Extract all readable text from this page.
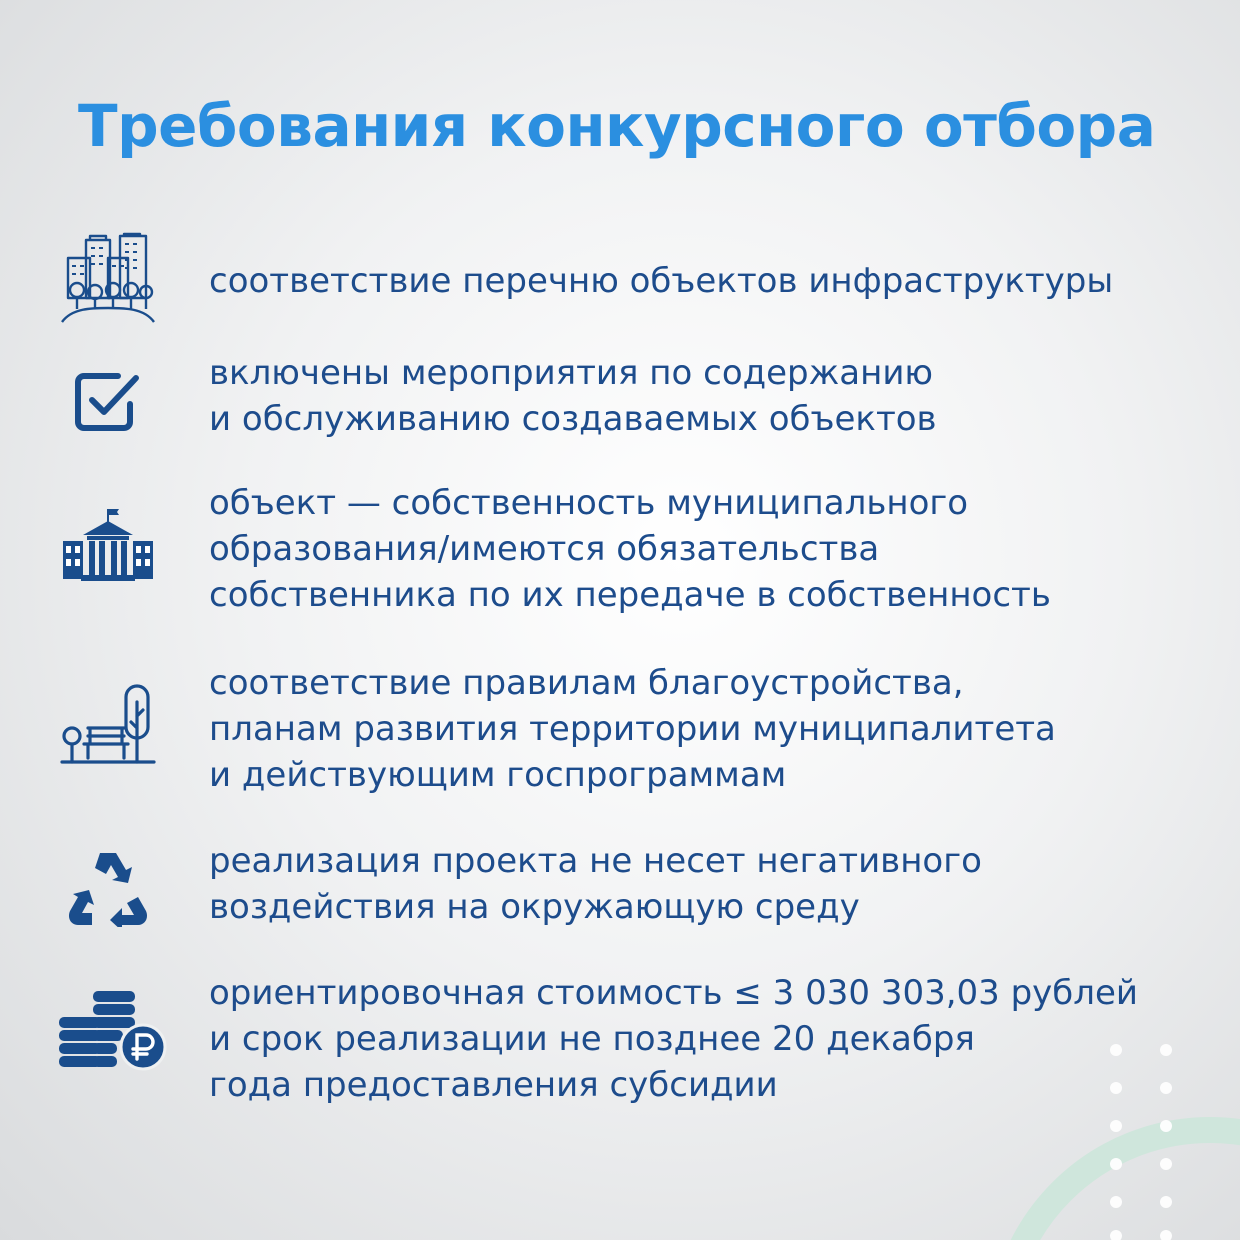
Требования конкурсного отбора
соответствие перечню объектов инфраструктуры
включены мероприятия по содержанию
и обслуживанию создаваемых объектов
объект — собственность муниципального
образования/имеются обязательства
собственника по их передаче в собственность
соответствие правилам благоустройства,
планам развития территории муниципалитета
и действующим госпрограммам
реализация проекта не несет негативного
воздействия на окружающую среду
ориентировочная стоимость ≤ 3 030 303,03 рублей
и срок реализации не позднее 20 декабря
года предоставления субсидии
